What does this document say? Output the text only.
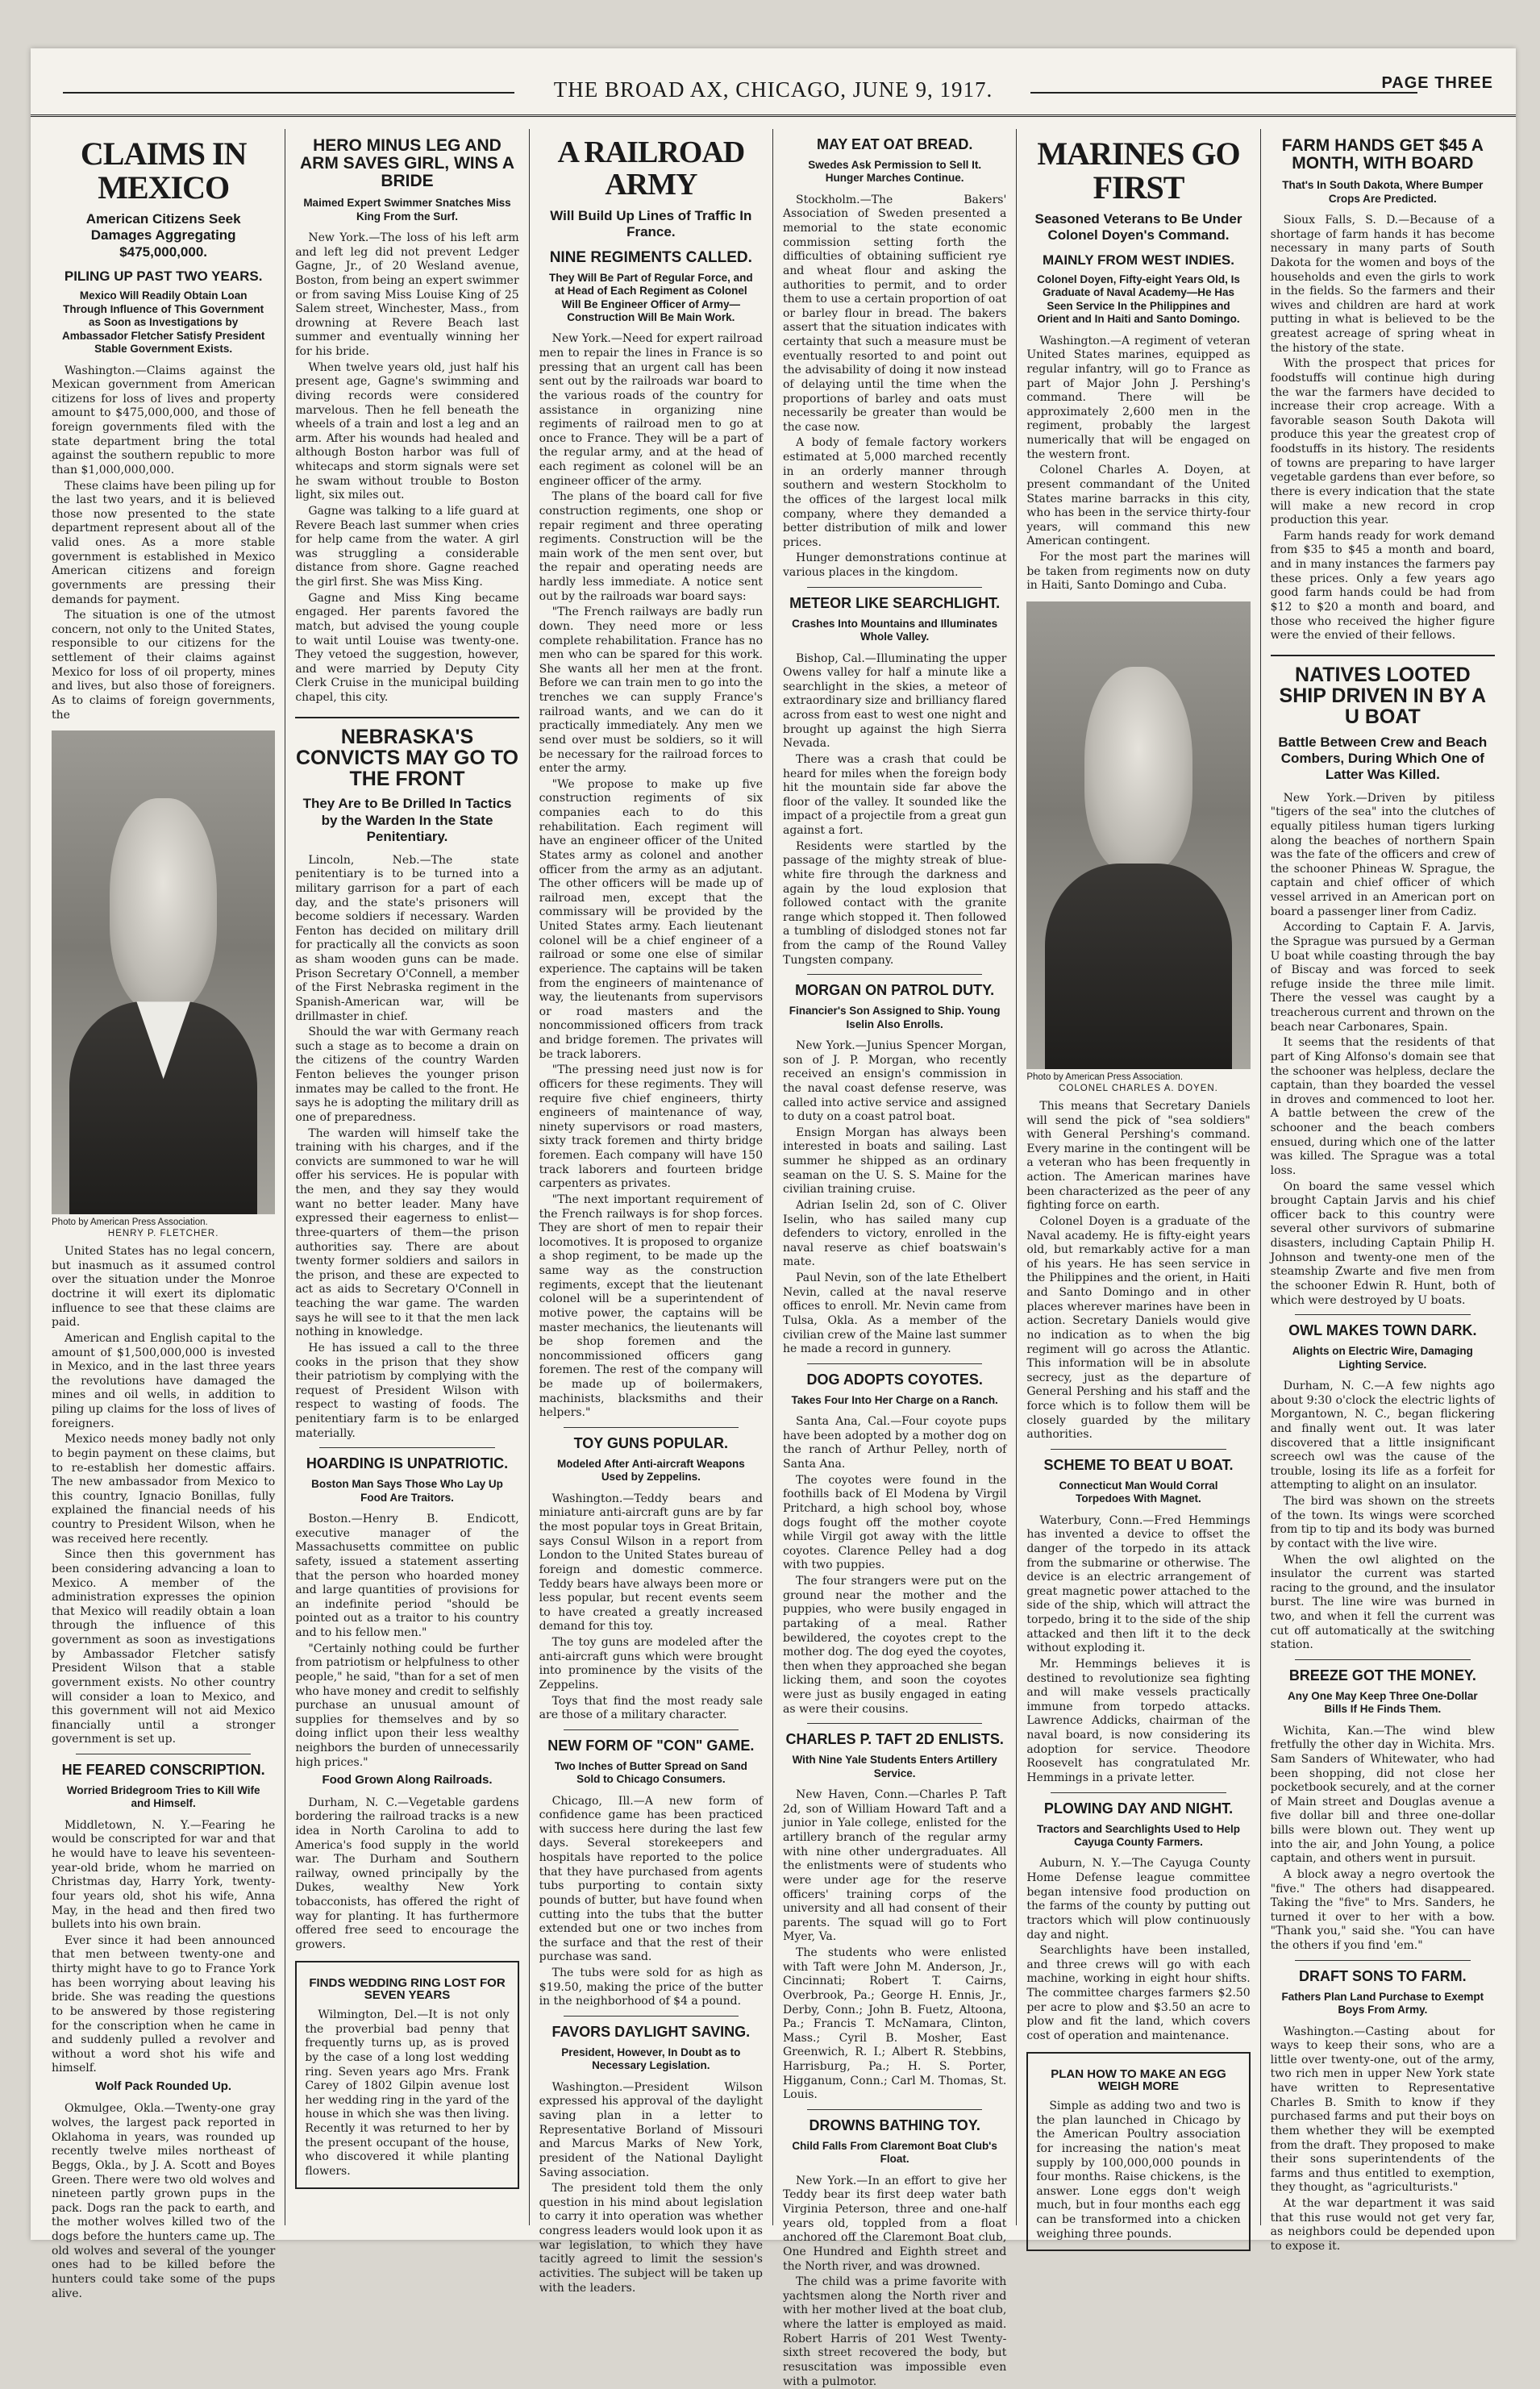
THE BROAD AX, CHICAGO, JUNE 9, 1917.	PAGE THREE
CLAIMS IN MEXICO
American Citizens Seek Damages Aggregating $475,000,000.
PILING UP PAST TWO YEARS.
Mexico Will Readily Obtain Loan Through Influence of This Government as Soon as Investigations by Ambassador Fletcher Satisfy President Stable Government Exists.

Washington.—Claims against the Mexican government from American citizens for loss of lives and property amount to $475,000,000, and those of foreign governments filed with the state department bring the total against the southern republic to more than $1,000,000,000.

These claims have been piling up for the last two years, and it is believed those now presented to the state department represent about all of the valid ones. As a more stable government is established in Mexico American citizens and foreign governments are pressing their demands for payment.

The situation is one of the utmost concern, not only to the United States, responsible to our citizens for the settlement of their claims against Mexico for loss of oil property, mines and lives, but also those of foreigners. As to claims of foreign governments, the

Photo by American Press Association.
HENRY P. FLETCHER.

United States has no legal concern, but inasmuch as it assumed control over the situation under the Monroe doctrine it will exert its diplomatic influence to see that these claims are paid.

American and English capital to the amount of $1,500,000,000 is invested in Mexico, and in the last three years the revolutions have damaged the mines and oil wells, in addition to piling up claims for the loss of lives of foreigners.

Mexico needs money badly not only to begin payment on these claims, but to re-establish her domestic affairs. The new ambassador from Mexico to this country, Ignacio Bonillas, fully explained the financial needs of his country to President Wilson, when he was received here recently.

Since then this government has been considering advancing a loan to Mexico. A member of the administration expresses the opinion that Mexico will readily obtain a loan through the influence of this government as soon as investigations by Ambassador Fletcher satisfy President Wilson that a stable government exists. No other country will consider a loan to Mexico, and this government will not aid Mexico financially until a stronger government is set up.

HE FEARED CONSCRIPTION.
Worried Bridegroom Tries to Kill Wife and Himself.

Middletown, N. Y.—Fearing he would be conscripted for war and that he would have to leave his seventeen-year-old bride, whom he married on Christmas day, Harry York, twenty-four years old, shot his wife, Anna May, in the head and then fired two bullets into his own brain.

Ever since it had been announced that men between twenty-one and thirty might have to go to France York has been worrying about leaving his bride. She was reading the questions to be answered by those registering for the conscription when he came in and suddenly pulled a revolver and without a word shot his wife and himself.

Wolf Pack Rounded Up.

Okmulgee, Okla.—Twenty-one gray wolves, the largest pack reported in Oklahoma in years, was rounded up recently twelve miles northeast of Beggs, Okla., by J. A. Scott and Boyes Green. There were two old wolves and nineteen partly grown pups in the pack. Dogs ran the pack to earth, and the mother wolves killed two of the dogs before the hunters came up. The old wolves and several of the younger ones had to be killed before the hunters could take some of the pups alive.

HERO MINUS LEG AND ARM SAVES GIRL, WINS A BRIDE
Maimed Expert Swimmer Snatches Miss King From the Surf.

New York.—The loss of his left arm and left leg did not prevent Ledger Gagne, Jr., of 20 Wesland avenue, Boston, from being an expert swimmer or from saving Miss Louise King of 25 Salem street, Winchester, Mass., from drowning at Revere Beach last summer and eventually winning her for his bride.

When twelve years old, just half his present age, Gagne's swimming and diving records were considered marvelous. Then he fell beneath the wheels of a train and lost a leg and an arm. After his wounds had healed and although Boston harbor was full of whitecaps and storm signals were set he swam without trouble to Boston light, six miles out.

Gagne was talking to a life guard at Revere Beach last summer when cries for help came from the water. A girl was struggling a considerable distance from shore. Gagne reached the girl first. She was Miss King.

Gagne and Miss King became engaged. Her parents favored the match, but advised the young couple to wait until Louise was twenty-one. They vetoed the suggestion, however, and were married by Deputy City Clerk Cruise in the municipal building chapel, this city.

NEBRASKA'S CONVICTS MAY GO TO THE FRONT
They Are to Be Drilled In Tactics by the Warden In the State Penitentiary.

Lincoln, Neb.—The state penitentiary is to be turned into a military garrison for a part of each day, and the state's prisoners will become soldiers if necessary. Warden Fenton has decided on military drill for practically all the convicts as soon as sham wooden guns can be made. Prison Secretary O'Connell, a member of the First Nebraska regiment in the Spanish-American war, will be drillmaster in chief.

Should the war with Germany reach such a stage as to become a drain on the citizens of the country Warden Fenton believes the younger prison inmates may be called to the front. He says he is adopting the military drill as one of preparedness.

The warden will himself take the training with his charges, and if the convicts are summoned to war he will offer his services. He is popular with the men, and they say they would want no better leader. Many have expressed their eagerness to enlist—three-quarters of them—the prison authorities say. There are about twenty former soldiers and sailors in the prison, and these are expected to act as aids to Secretary O'Connell in teaching the war game. The warden says he will see to it that the men lack nothing in knowledge.

He has issued a call to the three cooks in the prison that they show their patriotism by complying with the request of President Wilson with respect to wasting of foods. The penitentiary farm is to be enlarged materially.

HOARDING IS UNPATRIOTIC.
Boston Man Says Those Who Lay Up Food Are Traitors.

Boston.—Henry B. Endicott, executive manager of the Massachusetts committee on public safety, issued a statement asserting that the person who hoarded money and large quantities of provisions for an indefinite period "should be pointed out as a traitor to his country and to his fellow men."

"Certainly nothing could be further from patriotism or helpfulness to other people," he said, "than for a set of men who have money and credit to selfishly purchase an unusual amount of supplies for themselves and by so doing inflict upon their less wealthy neighbors the burden of unnecessarily high prices."

Food Grown Along Railroads.

Durham, N. C.—Vegetable gardens bordering the railroad tracks is a new idea in North Carolina to add to America's food supply in the world war. The Durham and Southern railway, owned principally by the Dukes, wealthy New York tobacconists, has offered the right of way for planting. It has furthermore offered free seed to encourage the growers.

FINDS WEDDING RING LOST FOR SEVEN YEARS

Wilmington, Del.—It is not only the proverbial bad penny that frequently turns up, as is proved by the case of a long lost wedding ring. Seven years ago Mrs. Frank Carey of 1802 Gilpin avenue lost her wedding ring in the yard of the house in which she was then living. Recently it was returned to her by the present occupant of the house, who discovered it while planting flowers.

A RAILROAD ARMY
Will Build Up Lines of Traffic In France.
NINE REGIMENTS CALLED.
They Will Be Part of Regular Force, and at Head of Each Regiment as Colonel Will Be Engineer Officer of Army—Construction Will Be Main Work.

New York.—Need for expert railroad men to repair the lines in France is so pressing that an urgent call has been sent out by the railroads war board to the various roads of the country for assistance in organizing nine regiments of railroad men to go at once to France. They will be a part of the regular army, and at the head of each regiment as colonel will be an engineer officer of the army.

The plans of the board call for five construction regiments, one shop or repair regiment and three operating regiments. Construction will be the main work of the men sent over, but the repair and operating needs are hardly less immediate. A notice sent out by the railroads war board says:

"The French railways are badly run down. They need more or less complete rehabilitation. France has no men who can be spared for this work. She wants all her men at the front. Before we can train men to go into the trenches we can supply France's railroad wants, and we can do it practically immediately. Any men we send over must be soldiers, so it will be necessary for the railroad forces to enter the army.

"We propose to make up five construction regiments of six companies each to do this rehabilitation. Each regiment will have an engineer officer of the United States army as colonel and another officer from the army as an adjutant. The other officers will be made up of railroad men, except that the commissary will be provided by the United States army. Each lieutenant colonel will be a chief engineer of a railroad or some one else of similar experience. The captains will be taken from the engineers of maintenance of way, the lieutenants from supervisors or road masters and the noncommissioned officers from track and bridge foremen. The privates will be track laborers.

"The pressing need just now is for officers for these regiments. They will require five chief engineers, thirty engineers of maintenance of way, ninety supervisors or road masters, sixty track foremen and thirty bridge foremen. Each company will have 150 track laborers and fourteen bridge carpenters as privates.

"The next important requirement of the French railways is for shop forces. They are short of men to repair their locomotives. It is proposed to organize a shop regiment, to be made up the same way as the construction regiments, except that the lieutenant colonel will be a superintendent of motive power, the captains will be master mechanics, the lieutenants will be shop foremen and the noncommissioned officers gang foremen. The rest of the company will be made up of boilermakers, machinists, blacksmiths and their helpers."

TOY GUNS POPULAR.
Modeled After Anti-aircraft Weapons Used by Zeppelins.

Washington.—Teddy bears and miniature anti-aircraft guns are by far the most popular toys in Great Britain, says Consul Wilson in a report from London to the United States bureau of foreign and domestic commerce. Teddy bears have always been more or less popular, but recent events seem to have created a greatly increased demand for this toy.

The toy guns are modeled after the anti-aircraft guns which were brought into prominence by the visits of the Zeppelins.

Toys that find the most ready sale are those of a military character.

NEW FORM OF "CON" GAME.
Two Inches of Butter Spread on Sand Sold to Chicago Consumers.

Chicago, Ill.—A new form of confidence game has been practiced with success here during the last few days. Several storekeepers and hospitals have reported to the police that they have purchased from agents tubs purporting to contain sixty pounds of butter, but have found when cutting into the tubs that the butter extended but one or two inches from the surface and that the rest of their purchase was sand.

The tubs were sold for as high as $19.50, making the price of the butter in the neighborhood of $4 a pound.

FAVORS DAYLIGHT SAVING.
President, However, In Doubt as to Necessary Legislation.

Washington.—President Wilson expressed his approval of the daylight saving plan in a letter to Representative Borland of Missouri and Marcus Marks of New York, president of the National Daylight Saving association.

The president told them the only question in his mind about legislation to carry it into operation was whether congress leaders would look upon it as war legislation, to which they have tacitly agreed to limit the session's activities. The subject will be taken up with the leaders.

MAY EAT OAT BREAD.
Swedes Ask Permission to Sell It. Hunger Marches Continue.

Stockholm.—The Bakers' Association of Sweden presented a memorial to the state economic commission setting forth the difficulties of obtaining sufficient rye and wheat flour and asking the authorities to permit, and to order them to use a certain proportion of oat or barley flour in bread. The bakers assert that the situation indicates with certainty that such a measure must be eventually resorted to and point out the advisability of doing it now instead of delaying until the time when the proportions of barley and oats must necessarily be greater than would be the case now.

A body of female factory workers estimated at 5,000 marched recently in an orderly manner through southern and western Stockholm to the offices of the largest local milk company, where they demanded a better distribution of milk and lower prices.

Hunger demonstrations continue at various places in the kingdom.

METEOR LIKE SEARCHLIGHT.
Crashes Into Mountains and Illuminates Whole Valley.

Bishop, Cal.—Illuminating the upper Owens valley for half a minute like a searchlight in the skies, a meteor of extraordinary size and brilliancy flared across from east to west one night and brought up against the high Sierra Nevada.

There was a crash that could be heard for miles when the foreign body hit the mountain side far above the floor of the valley. It sounded like the impact of a projectile from a great gun against a fort.

Residents were startled by the passage of the mighty streak of blue-white fire through the darkness and again by the loud explosion that followed contact with the granite range which stopped it. Then followed a tumbling of dislodged stones not far from the camp of the Round Valley Tungsten company.

MORGAN ON PATROL DUTY.
Financier's Son Assigned to Ship. Young Iselin Also Enrolls.

New York.—Junius Spencer Morgan, son of J. P. Morgan, who recently received an ensign's commission in the naval coast defense reserve, was called into active service and assigned to duty on a coast patrol boat.

Ensign Morgan has always been interested in boats and sailing. Last summer he shipped as an ordinary seaman on the U. S. S. Maine for the civilian training cruise.

Adrian Iselin 2d, son of C. Oliver Iselin, who has sailed many cup defenders to victory, enrolled in the naval reserve as chief boatswain's mate.

Paul Nevin, son of the late Ethelbert Nevin, called at the naval reserve offices to enroll. Mr. Nevin came from Tulsa, Okla. As a member of the civilian crew of the Maine last summer he made a record in gunnery.

DOG ADOPTS COYOTES.
Takes Four Into Her Charge on a Ranch.

Santa Ana, Cal.—Four coyote pups have been adopted by a mother dog on the ranch of Arthur Pelley, north of Santa Ana.

The coyotes were found in the foothills back of El Modena by Virgil Pritchard, a high school boy, whose dogs fought off the mother coyote while Virgil got away with the little coyotes. Clarence Pelley had a dog with two puppies.

The four strangers were put on the ground near the mother and the puppies, who were busily engaged in partaking of a meal. Rather bewildered, the coyotes crept to the mother dog. The dog eyed the coyotes, then when they approached she began licking them, and soon the coyotes were just as busily engaged in eating as were their cousins.

CHARLES P. TAFT 2D ENLISTS.
With Nine Yale Students Enters Artillery Service.

New Haven, Conn.—Charles P. Taft 2d, son of William Howard Taft and a junior in Yale college, enlisted for the artillery branch of the regular army with nine other undergraduates. All the enlistments were of students who were under age for the reserve officers' training corps of the university and all had consent of their parents. The squad will go to Fort Myer, Va.

The students who were enlisted with Taft were John M. Anderson, Jr., Cincinnati; Robert T. Cairns, Overbrook, Pa.; George H. Ennis, Jr., Derby, Conn.; John B. Fuetz, Altoona, Pa.; Francis T. McNamara, Clinton, Mass.; Cyril B. Mosher, East Greenwich, R. I.; Albert R. Stebbins, Harrisburg, Pa.; H. S. Porter, Higganum, Conn.; Carl M. Thomas, St. Louis.

DROWNS BATHING TOY.
Child Falls From Claremont Boat Club's Float.

New York.—In an effort to give her Teddy bear its first deep water bath Virginia Peterson, three and one-half years old, toppled from a float anchored off the Claremont Boat club, One Hundred and Eighth street and the North river, and was drowned.

The child was a prime favorite with yachtsmen along the North river and with her mother lived at the boat club, where the latter is employed as maid. Robert Harris of 201 West Twenty-sixth street recovered the body, but resuscitation was impossible even with a pulmotor.

MARINES GO FIRST
Seasoned Veterans to Be Under Colonel Doyen's Command.
MAINLY FROM WEST INDIES.
Colonel Doyen, Fifty-eight Years Old, Is Graduate of Naval Academy—He Has Seen Service In the Philippines and Orient and In Haiti and Santo Domingo.

Washington.—A regiment of veteran United States marines, equipped as regular infantry, will go to France as part of Major John J. Pershing's command. There will be approximately 2,600 men in the regiment, probably the largest numerically that will be engaged on the western front.

Colonel Charles A. Doyen, at present commandant of the United States marine barracks in this city, who has been in the service thirty-four years, will command this new American contingent.

For the most part the marines will be taken from regiments now on duty in Haiti, Santo Domingo and Cuba.

Photo by American Press Association.
COLONEL CHARLES A. DOYEN.

This means that Secretary Daniels will send the pick of "sea soldiers" with General Pershing's command. Every marine in the contingent will be a veteran who has been frequently in action. The American marines have been characterized as the peer of any fighting force on earth.

Colonel Doyen is a graduate of the Naval academy. He is fifty-eight years old, but remarkably active for a man of his years. He has seen service in the Philippines and the orient, in Haiti and Santo Domingo and in other places wherever marines have been in action. Secretary Daniels would give no indication as to when the big regiment will go across the Atlantic. This information will be in absolute secrecy, just as the departure of General Pershing and his staff and the force which is to follow them will be closely guarded by the military authorities.

SCHEME TO BEAT U BOAT.
Connecticut Man Would Corral Torpedoes With Magnet.

Waterbury, Conn.—Fred Hemmings has invented a device to offset the danger of the torpedo in its attack from the submarine or otherwise. The device is an electric arrangement of great magnetic power attached to the side of the ship, which will attract the torpedo, bring it to the side of the ship attacked and then lift it to the deck without exploding it.

Mr. Hemmings believes it is destined to revolutionize sea fighting and will make vessels practically immune from torpedo attacks. Lawrence Addicks, chairman of the naval board, is now considering its adoption for service. Theodore Roosevelt has congratulated Mr. Hemmings in a private letter.

PLOWING DAY AND NIGHT.
Tractors and Searchlights Used to Help Cayuga County Farmers.

Auburn, N. Y.—The Cayuga County Home Defense league committee began intensive food production on the farms of the county by putting out tractors which will plow continuously day and night.

Searchlights have been installed, and three crews will go with each machine, working in eight hour shifts. The committee charges farmers $2.50 per acre to plow and $3.50 an acre to plow and fit the land, which covers cost of operation and maintenance.

PLAN HOW TO MAKE AN EGG WEIGH MORE

Simple as adding two and two is the plan launched in Chicago by the American Poultry association for increasing the nation's meat supply by 100,000,000 pounds in four months. Raise chickens, is the answer. Lone eggs don't weigh much, but in four months each egg can be transformed into a chicken weighing three pounds.

FARM HANDS GET $45 A MONTH, WITH BOARD
That's In South Dakota, Where Bumper Crops Are Predicted.

Sioux Falls, S. D.—Because of a shortage of farm hands it has become necessary in many parts of South Dakota for the women and boys of the households and even the girls to work in the fields. So the farmers and their wives and children are hard at work putting in what is believed to be the greatest acreage of spring wheat in the history of the state.

With the prospect that prices for foodstuffs will continue high during the war the farmers have decided to increase their crop acreage. With a favorable season South Dakota will produce this year the greatest crop of foodstuffs in its history. The residents of towns are preparing to have larger vegetable gardens than ever before, so there is every indication that the state will make a new record in crop production this year.

Farm hands ready for work demand from $35 to $45 a month and board, and in many instances the farmers pay these prices. Only a few years ago good farm hands could be had from $12 to $20 a month and board, and those who received the higher figure were the envied of their fellows.

NATIVES LOOTED SHIP DRIVEN IN BY A U BOAT
Battle Between Crew and Beach Combers, During Which One of Latter Was Killed.

New York.—Driven by pitiless "tigers of the sea" into the clutches of equally pitiless human tigers lurking along the beaches of northern Spain was the fate of the officers and crew of the schooner Phineas W. Sprague, the captain and chief officer of which vessel arrived in an American port on board a passenger liner from Cadiz.

According to Captain F. A. Jarvis, the Sprague was pursued by a German U boat while coasting through the bay of Biscay and was forced to seek refuge inside the three mile limit. There the vessel was caught by a treacherous current and thrown on the beach near Carbonares, Spain.

It seems that the residents of that part of King Alfonso's domain see that the schooner was helpless, declare the captain, than they boarded the vessel in droves and commenced to loot her. A battle between the crew of the schooner and the beach combers ensued, during which one of the latter was killed. The Sprague was a total loss.

On board the same vessel which brought Captain Jarvis and his chief officer back to this country were several other survivors of submarine disasters, including Captain Philip H. Johnson and twenty-one men of the steamship Zwarte and five men from the schooner Edwin R. Hunt, both of which were destroyed by U boats.

OWL MAKES TOWN DARK.
Alights on Electric Wire, Damaging Lighting Service.

Durham, N. C.—A few nights ago about 9:30 o'clock the electric lights of Morgantown, N. C., began flickering and finally went out. It was later discovered that a little insignificant screech owl was the cause of the trouble, losing its life as a forfeit for attempting to alight on an insulator.

The bird was shown on the streets of the town. Its wings were scorched from tip to tip and its body was burned by contact with the live wire.

When the owl alighted on the insulator the current was started racing to the ground, and the insulator burst. The line wire was burned in two, and when it fell the current was cut off automatically at the switching station.

BREEZE GOT THE MONEY.
Any One May Keep Three One-Dollar Bills If He Finds Them.

Wichita, Kan.—The wind blew fretfully the other day in Wichita. Mrs. Sam Sanders of Whitewater, who had been shopping, did not close her pocketbook securely, and at the corner of Main street and Douglas avenue a five dollar bill and three one-dollar bills were blown out. They went up into the air, and John Young, a police captain, and others went in pursuit.

A block away a negro overtook the "five." The others had disappeared. Taking the "five" to Mrs. Sanders, he turned it over to her with a bow. "Thank you," said she. "You can have the others if you find 'em."

DRAFT SONS TO FARM.
Fathers Plan Land Purchase to Exempt Boys From Army.

Washington.—Casting about for ways to keep their sons, who are a little over twenty-one, out of the army, two rich men in upper New York state have written to Representative Charles B. Smith to know if they purchased farms and put their boys on them whether they will be exempted from the draft. They proposed to make their sons superintendents of the farms and thus entitled to exemption, they thought, as "agriculturists."

At the war department it was said that this ruse would not get very far, as neighbors could be depended upon to expose it.
